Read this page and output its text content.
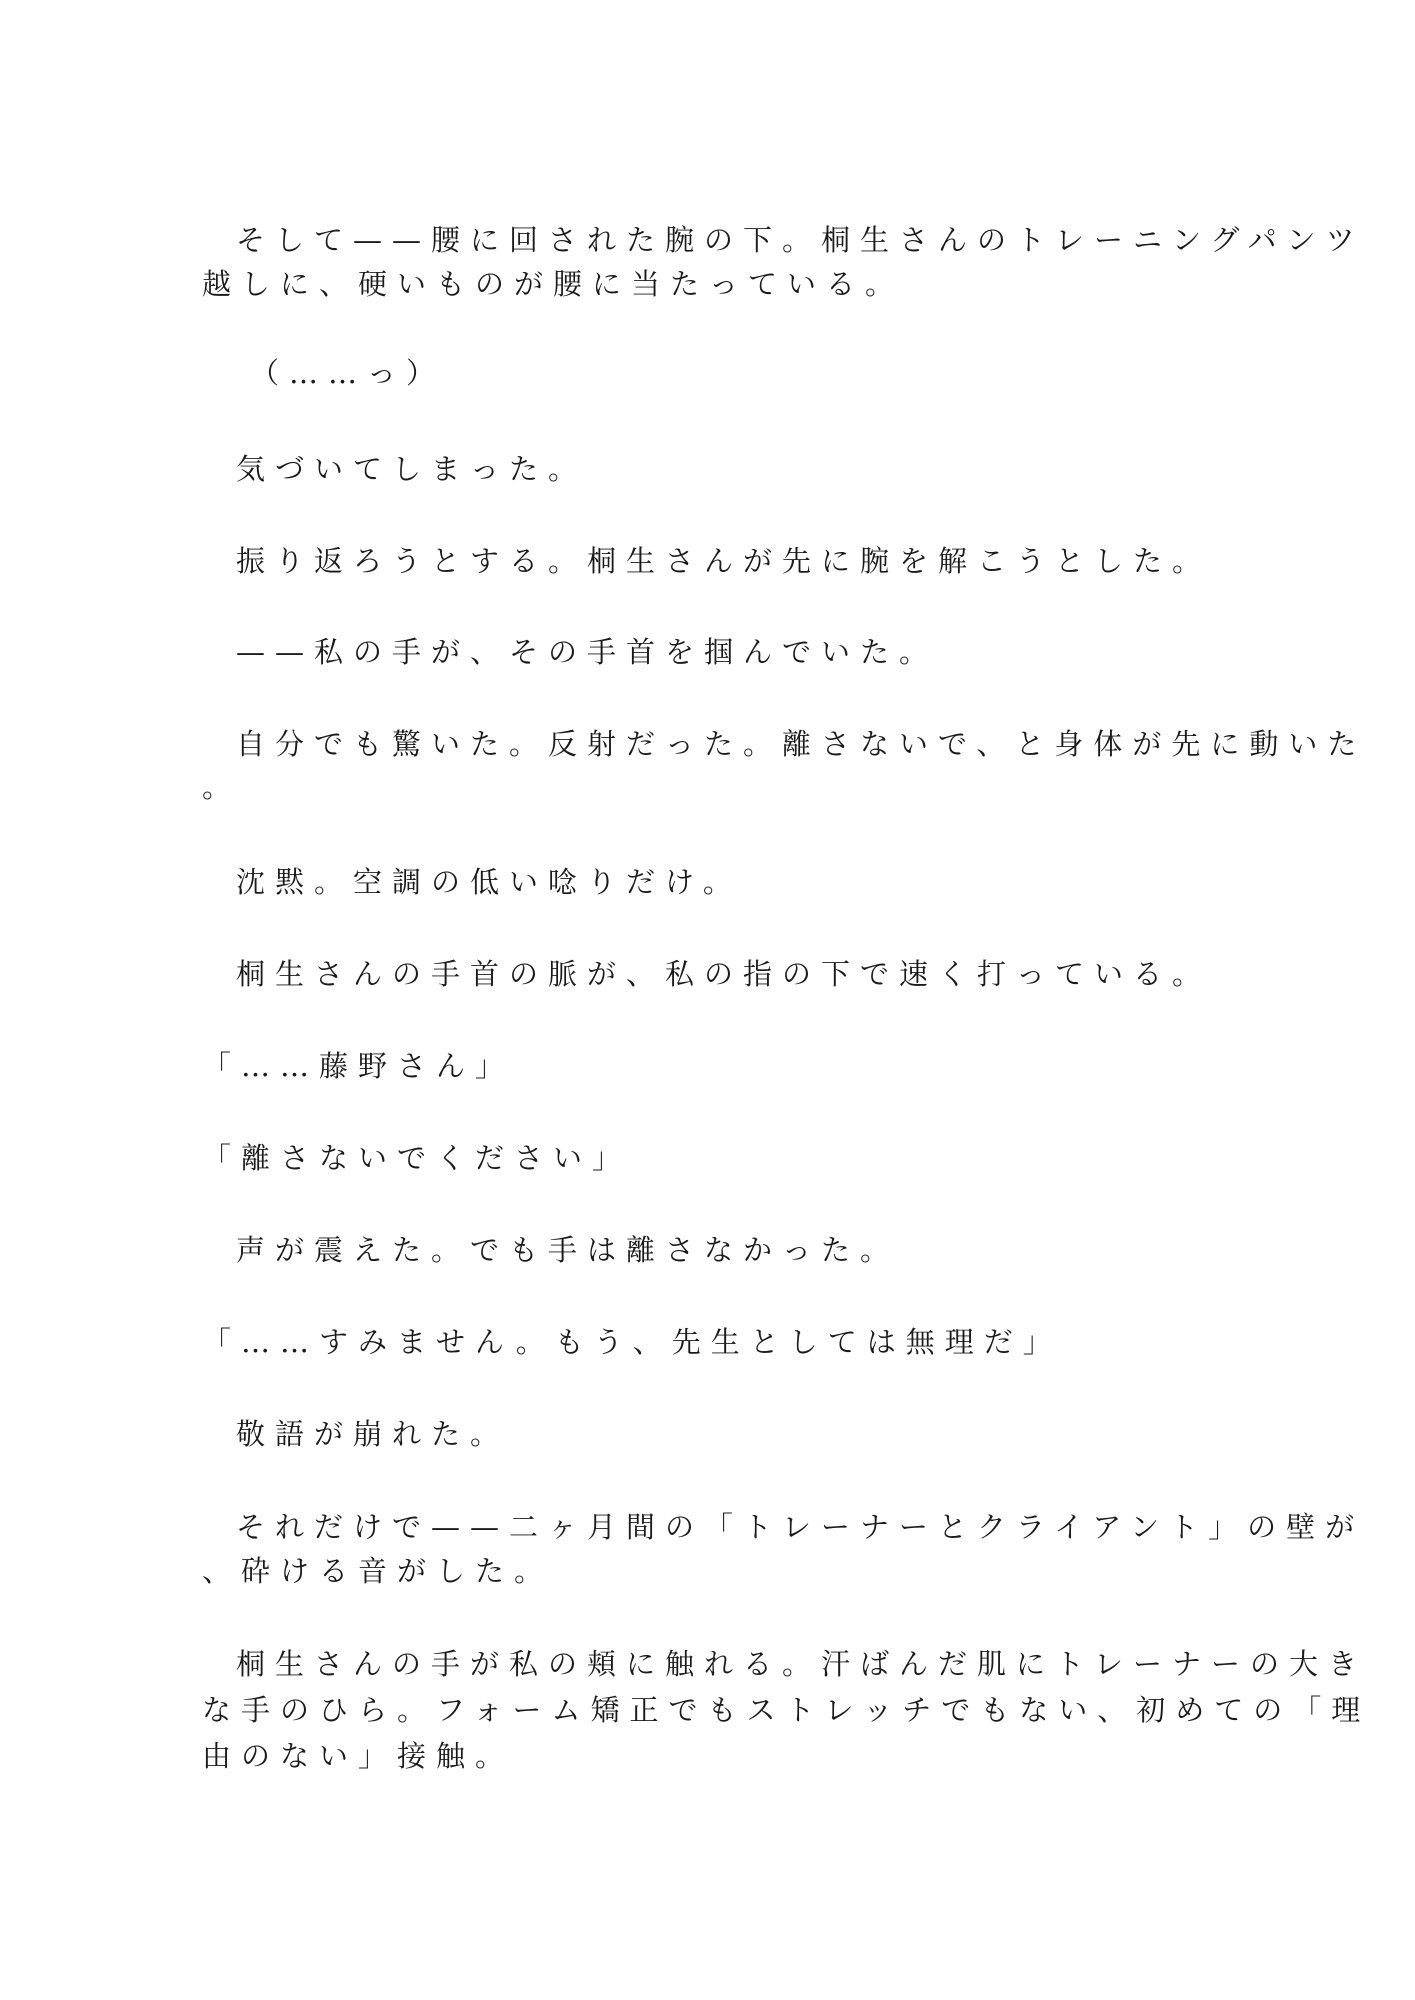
そして——腰に回された腕の下。桐生さんのトレーニングパンツ
越しに、硬いものが腰に当たっている。
（……っ）
気づいてしまった。
振り返ろうとする。桐生さんが先に腕を解こうとした。
——私の手が、その手首を掴んでいた。
自分でも驚いた。反射だった。離さないで、と身体が先に動いた
。
沈黙。空調の低い唸りだけ。
桐生さんの手首の脈が、私の指の下で速く打っている。
「……藤野さん」
「離さないでください」
声が震えた。でも手は離さなかった。
「……すみません。もう、先生としては無理だ」
敬語が崩れた。
それだけで——二ヶ月間の「トレーナーとクライアント」の壁が
、砕ける音がした。
桐生さんの手が私の頬に触れる。汗ばんだ肌にトレーナーの大き
な手のひら。フォーム矯正でもストレッチでもない、初めての「理
由のない」接触。
